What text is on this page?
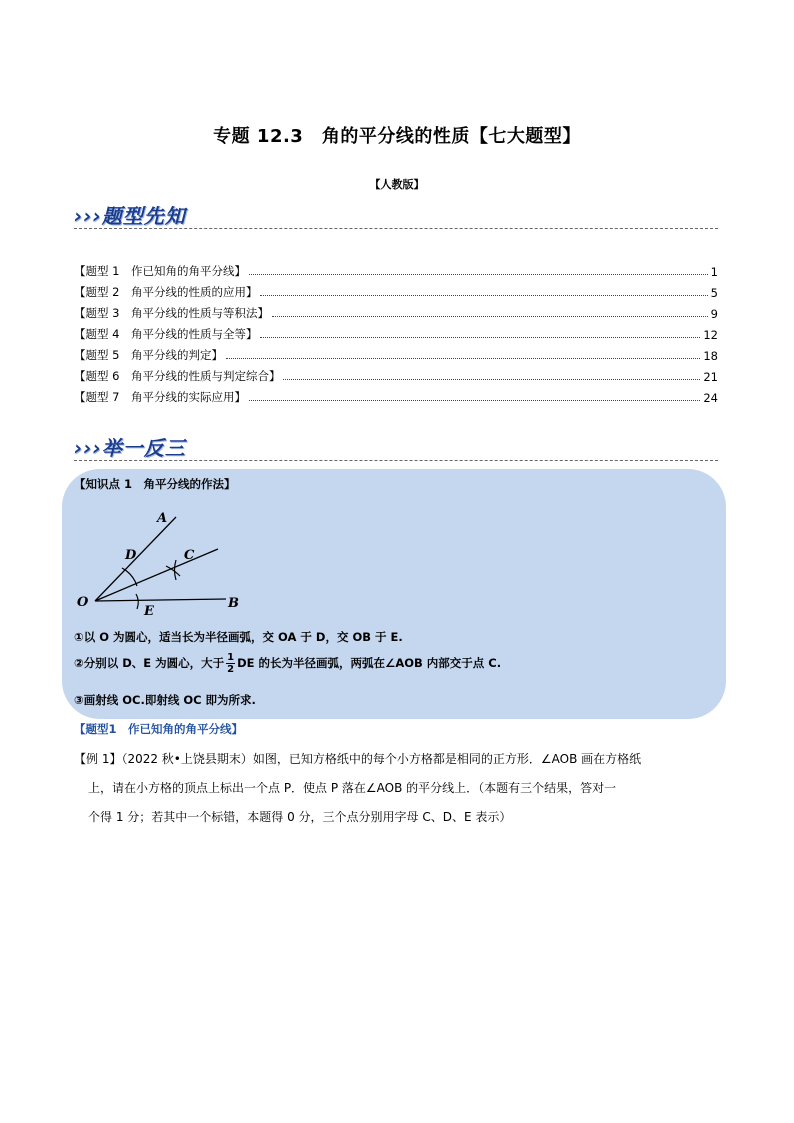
专题 12.3　角的平分线的性质【七大题型】
【人教版】
›››题型先知
【题型 1　作已知角的角平分线】	1
【题型 2　角平分线的性质的应用】	5
【题型 3　角平分线的性质与等积法】	9
【题型 4　角平分线的性质与全等】	12
【题型 5　角平分线的判定】	18
【题型 6　角平分线的性质与判定综合】	21
【题型 7　角平分线的实际应用】	24
›››举一反三
【知识点 1　角平分线的作法】
A
D	C
O
E
B
①以 O 为圆心，适当长为半径画弧，交 OA 于 D，交 OB 于 E.
②分别以 D、E 为圆心，大于 $\frac{1}{2}$ DE 的长为半径画弧，两弧在∠AOB 内部交于点 C.
③画射线 OC.即射线 OC 即为所求.
【题型1　作已知角的角平分线】
【例 1】（2022 秋•上饶县期末）如图，已知方格纸中的每个小方格都是相同的正方形．∠AOB 画在方格纸
上，请在小方格的顶点上标出一个点 P．使点 P 落在∠AOB 的平分线上．（本题有三个结果，答对一
个得 1 分；若其中一个标错，本题得 0 分，三个点分别用字母 C、D、E 表示）
